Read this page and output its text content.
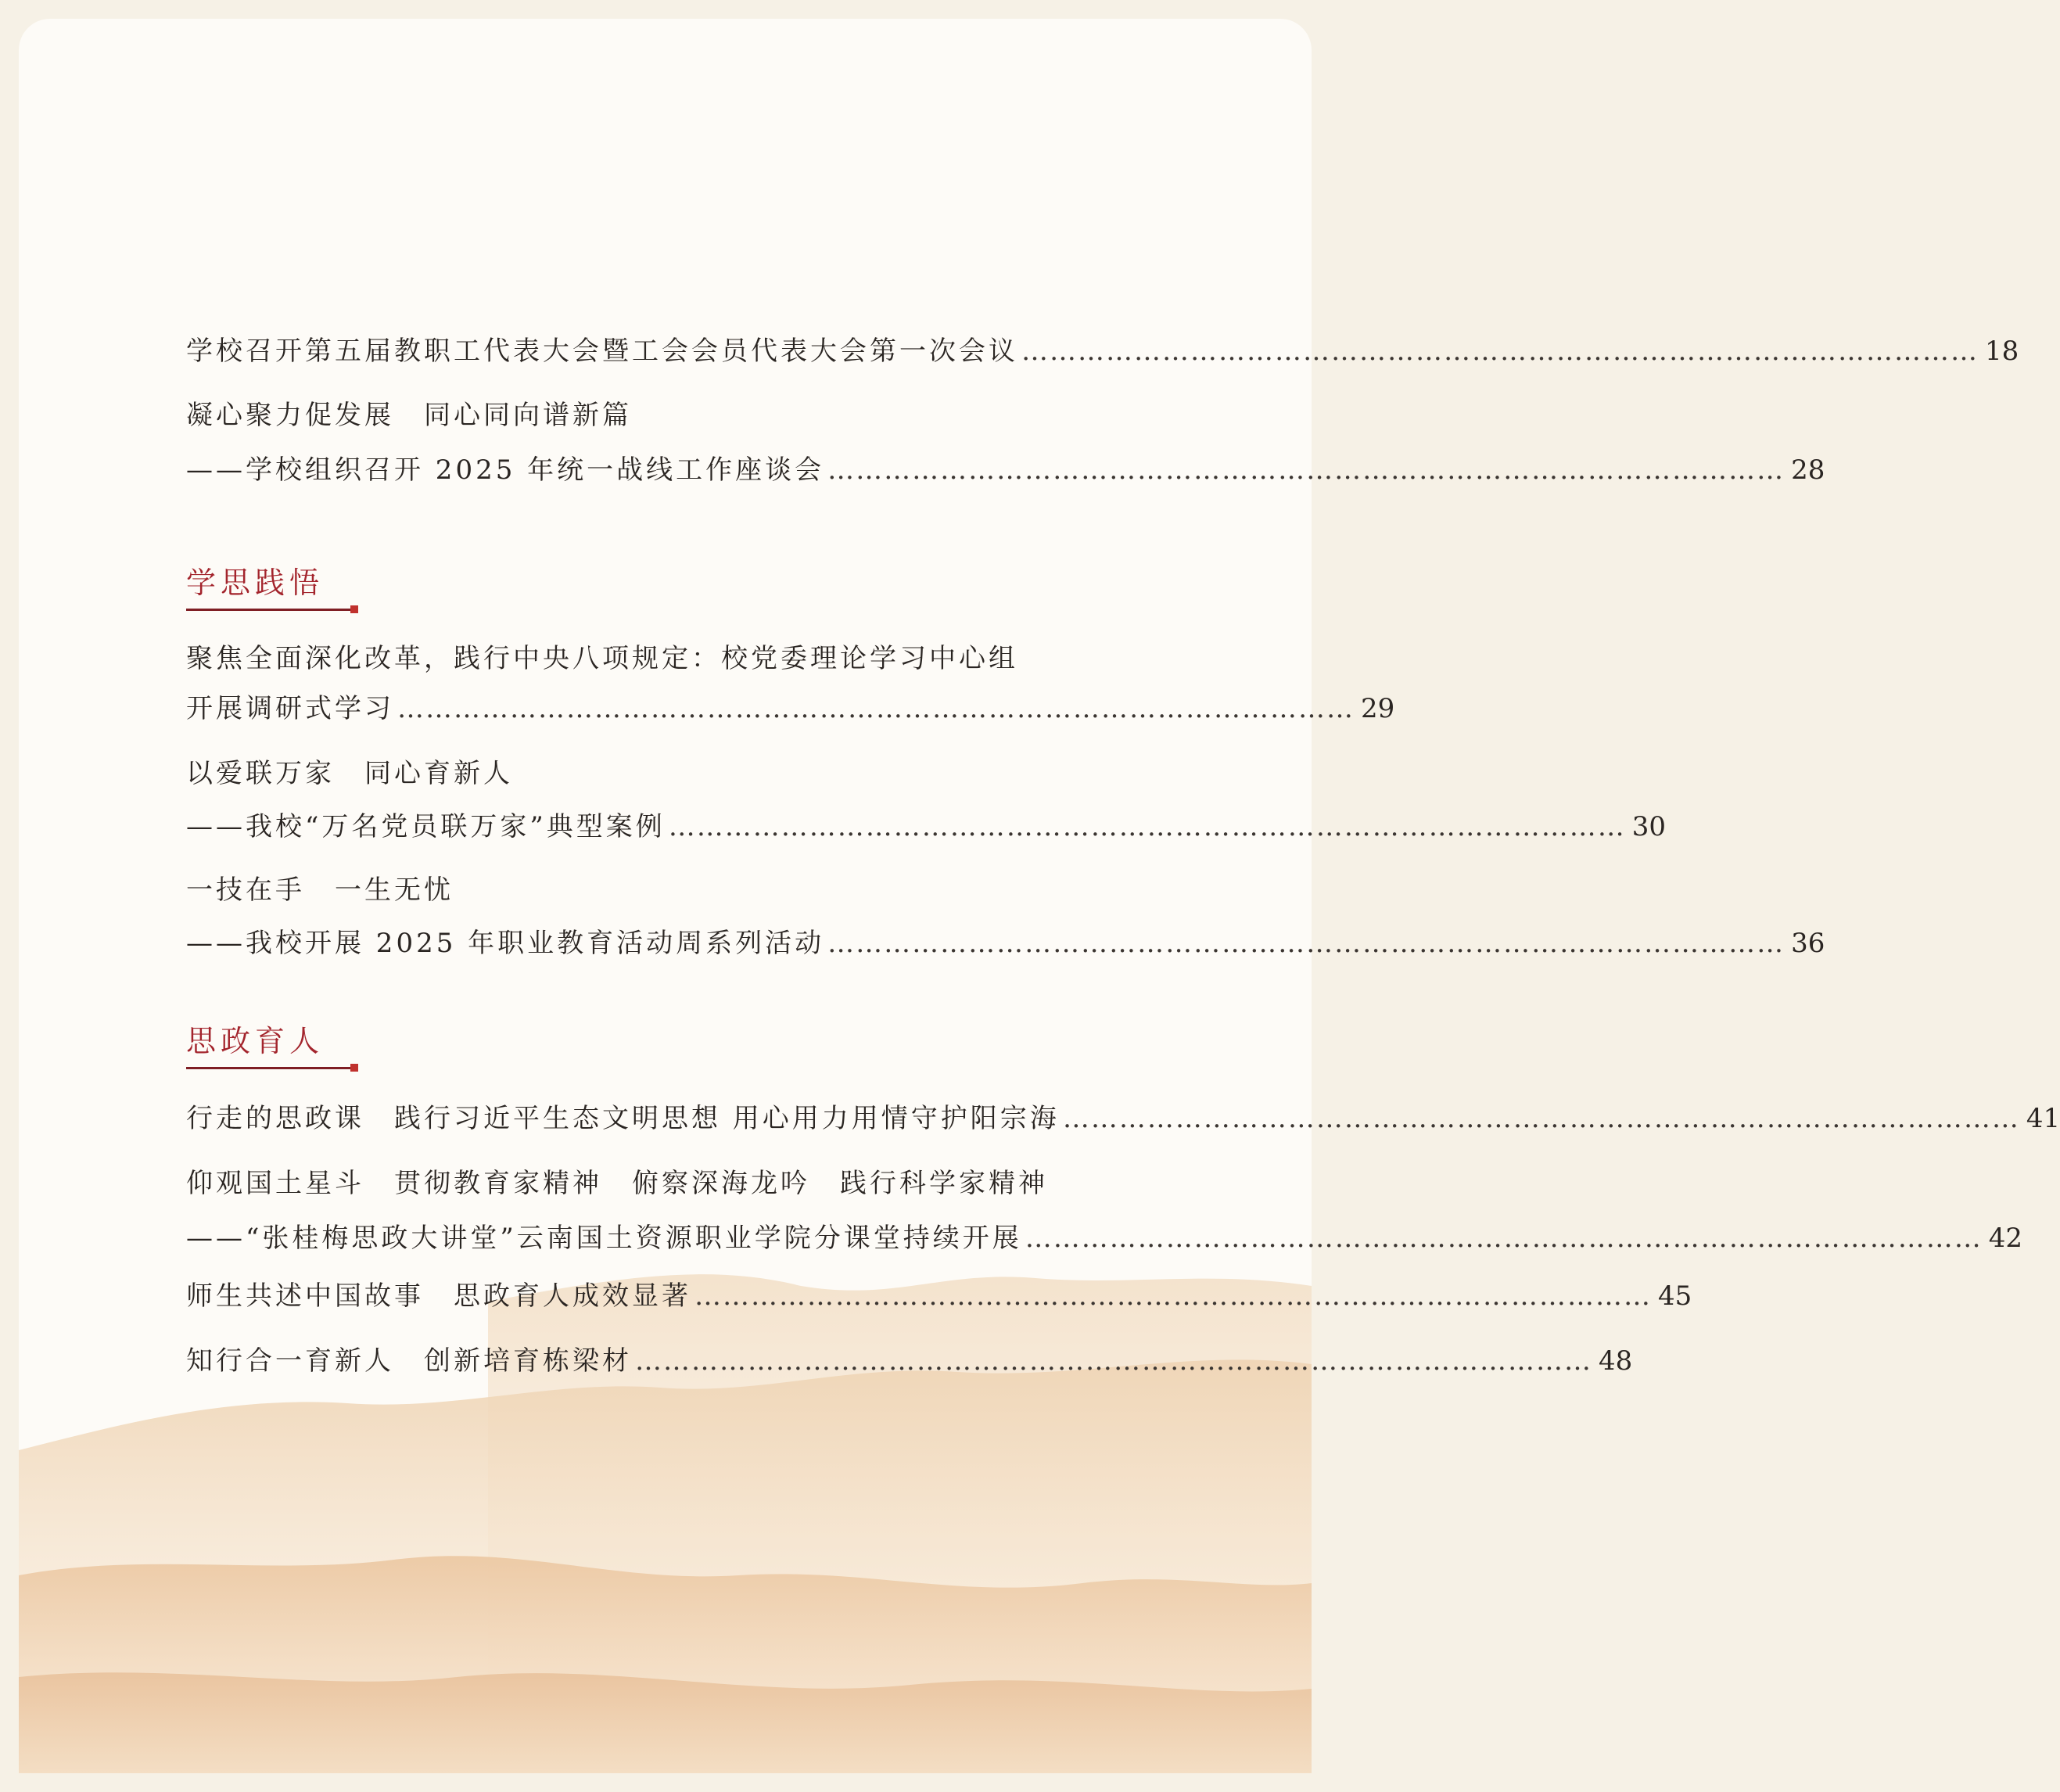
学校召开第五届教职工代表大会暨工会会员代表大会第一次会议 ………………………………………………………………………………………… 18
凝心聚力促发展　同心同向谱新篇
——学校组织召开 2025 年统一战线工作座谈会 ………………………………………………………………………………………… 28
学思践悟
聚焦全面深化改革，践行中央八项规定：校党委理论学习中心组
开展调研式学习 ………………………………………………………………………………………… 29
以爱联万家　同心育新人
——我校“万名党员联万家”典型案例 ………………………………………………………………………………………… 30
一技在手　一生无忧
——我校开展 2025 年职业教育活动周系列活动 ………………………………………………………………………………………… 36
思政育人
行走的思政课　践行习近平生态文明思想 用心用力用情守护阳宗海 ………………………………………………………………………………………… 41
仰观国土星斗　贯彻教育家精神　俯察深海龙吟　践行科学家精神
——“张桂梅思政大讲堂”云南国土资源职业学院分课堂持续开展 ………………………………………………………………………………………… 42
师生共述中国故事　思政育人成效显著 ………………………………………………………………………………………… 45
知行合一育新人　创新培育栋梁材 ………………………………………………………………………………………… 48
